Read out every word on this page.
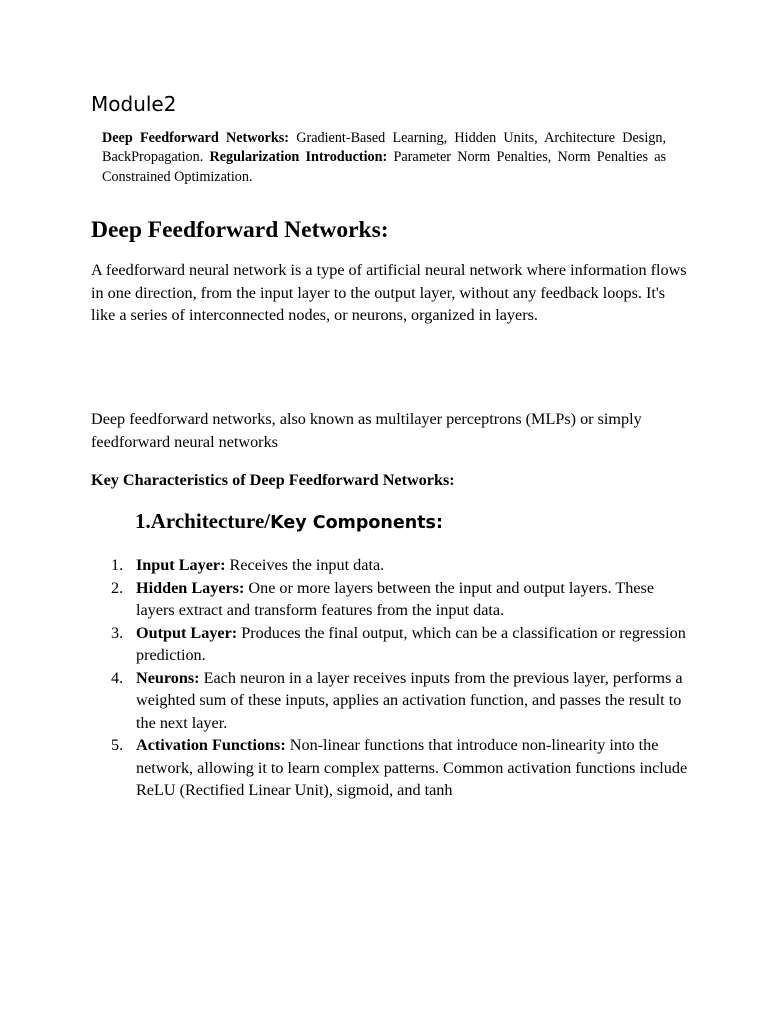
Module2

Deep Feedforward Networks: Gradient-Based Learning, Hidden Units, Architecture Design, BackPropagation. Regularization Introduction: Parameter Norm Penalties, Norm Penalties as Constrained Optimization.

Deep Feedforward Networks:

A feedforward neural network is a type of artificial neural network where information flows in one direction, from the input layer to the output layer, without any feedback loops. It's like a series of interconnected nodes, or neurons, organized in layers.

Deep feedforward networks, also known as multilayer perceptrons (MLPs) or simply feedforward neural networks

Key Characteristics of Deep Feedforward Networks:

1.Architecture/Key Components:
1. Input Layer: Receives the input data.
2. Hidden Layers: One or more layers between the input and output layers. These layers extract and transform features from the input data.
3. Output Layer: Produces the final output, which can be a classification or regression prediction.
4. Neurons: Each neuron in a layer receives inputs from the previous layer, performs a weighted sum of these inputs, applies an activation function, and passes the result to the next layer.
5. Activation Functions: Non-linear functions that introduce non-linearity into the network, allowing it to learn complex patterns. Common activation functions include ReLU (Rectified Linear Unit), sigmoid, and tanh
